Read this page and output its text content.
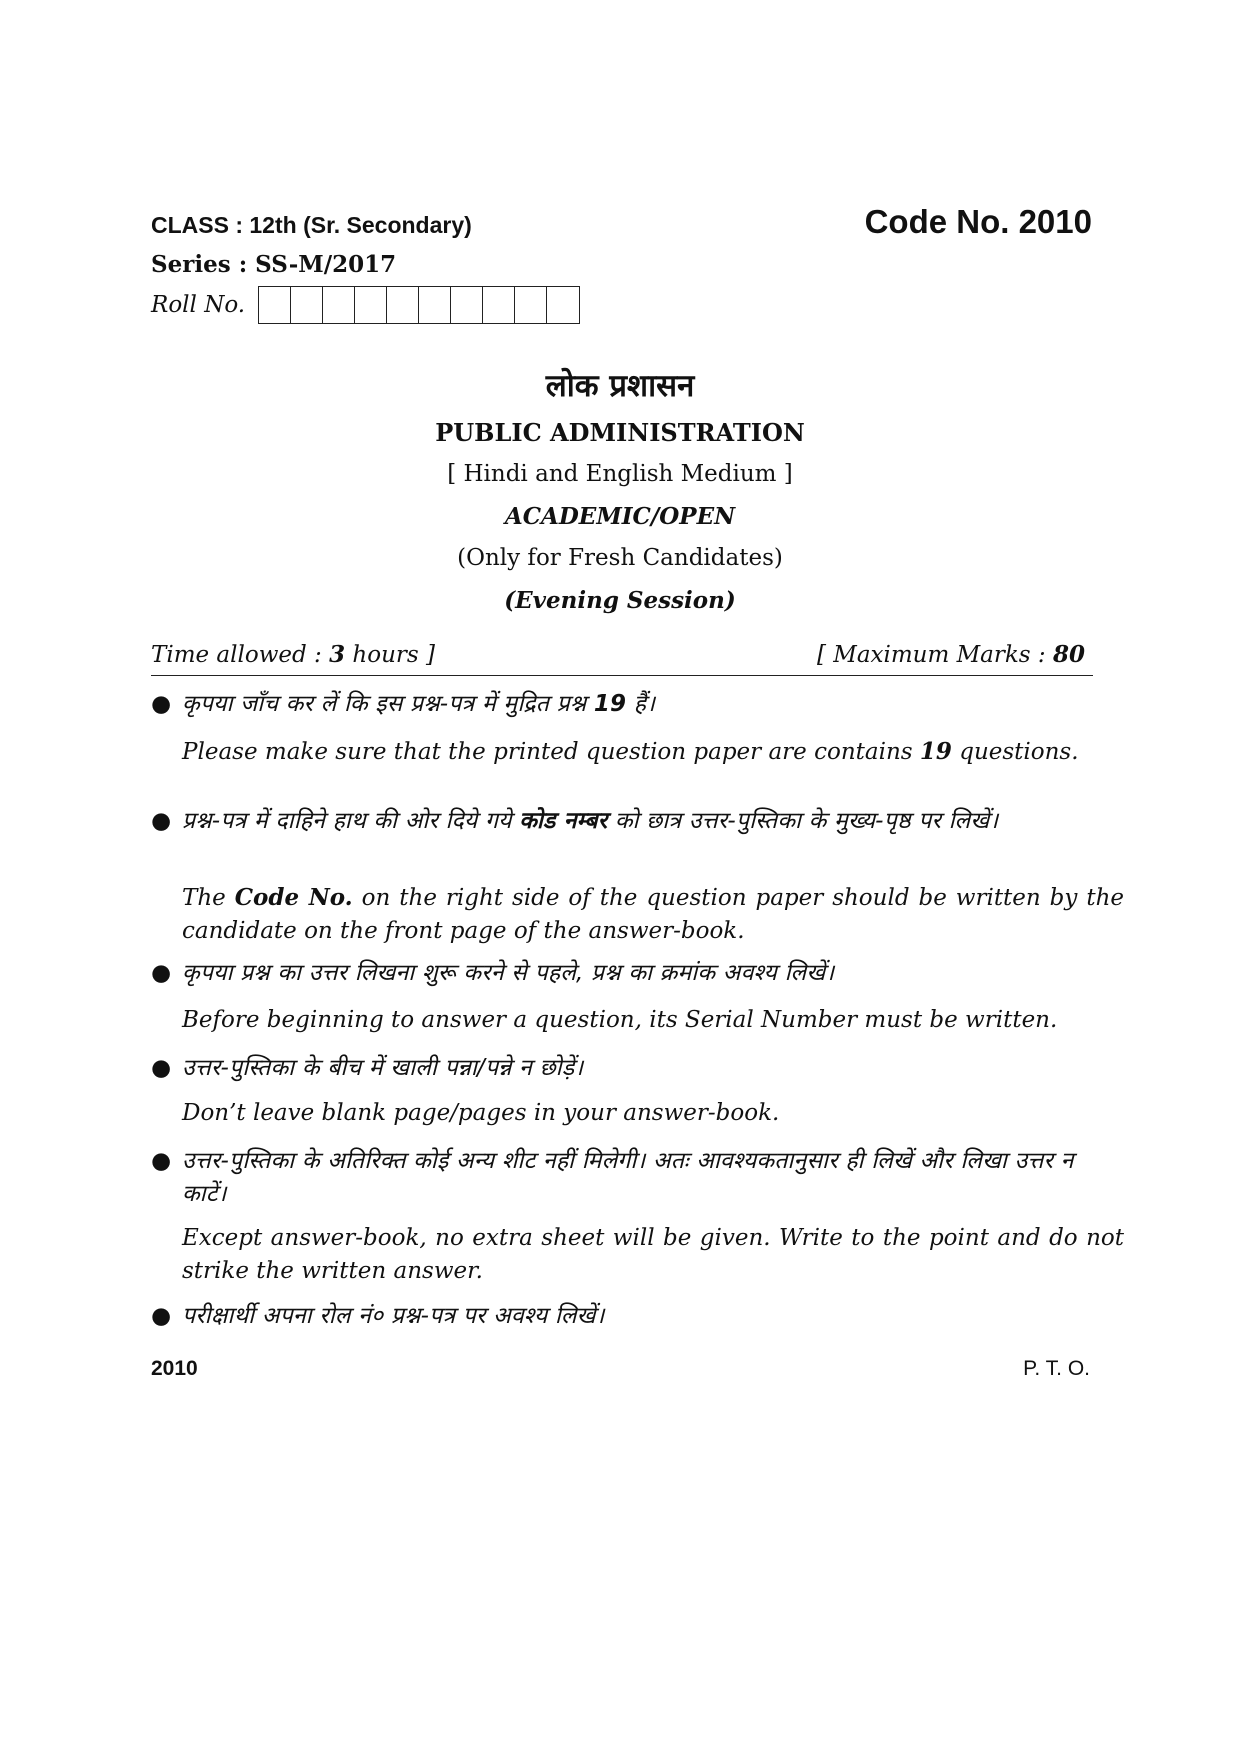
CLASS : 12th (Sr. Secondary)	Code No. 2010
Series : SS-M/2017
Roll No.
लोक प्रशासन
PUBLIC ADMINISTRATION
[ Hindi and English Medium ]
ACADEMIC/OPEN
(Only for Fresh Candidates)
(Evening Session)
Time allowed : 3 hours ]	[ Maximum Marks : 80
● कृपया जाँच कर लें कि इस प्रश्न-पत्र में मुद्रित प्रश्न 19 हैं।
Please make sure that the printed question paper are contains 19 questions.
● प्रश्न-पत्र में दाहिने हाथ की ओर दिये गये कोड नम्बर को छात्र उत्तर-पुस्तिका के मुख्य-पृष्ठ पर लिखें।
The Code No. on the right side of the question paper should be written by the candidate on the front page of the answer-book.
● कृपया प्रश्न का उत्तर लिखना शुरू करने से पहले, प्रश्न का क्रमांक अवश्य लिखें।
Before beginning to answer a question, its Serial Number must be written.
● उत्तर-पुस्तिका के बीच में खाली पन्ना/पन्ने न छोड़ें।
Don’t leave blank page/pages in your answer-book.
● उत्तर-पुस्तिका के अतिरिक्त कोई अन्य शीट नहीं मिलेगी। अतः आवश्यकतानुसार ही लिखें और लिखा उत्तर न काटें।
Except answer-book, no extra sheet will be given. Write to the point and do not strike the written answer.
● परीक्षार्थी अपना रोल नं० प्रश्न-पत्र पर अवश्य लिखें।
2010	P. T. O.
